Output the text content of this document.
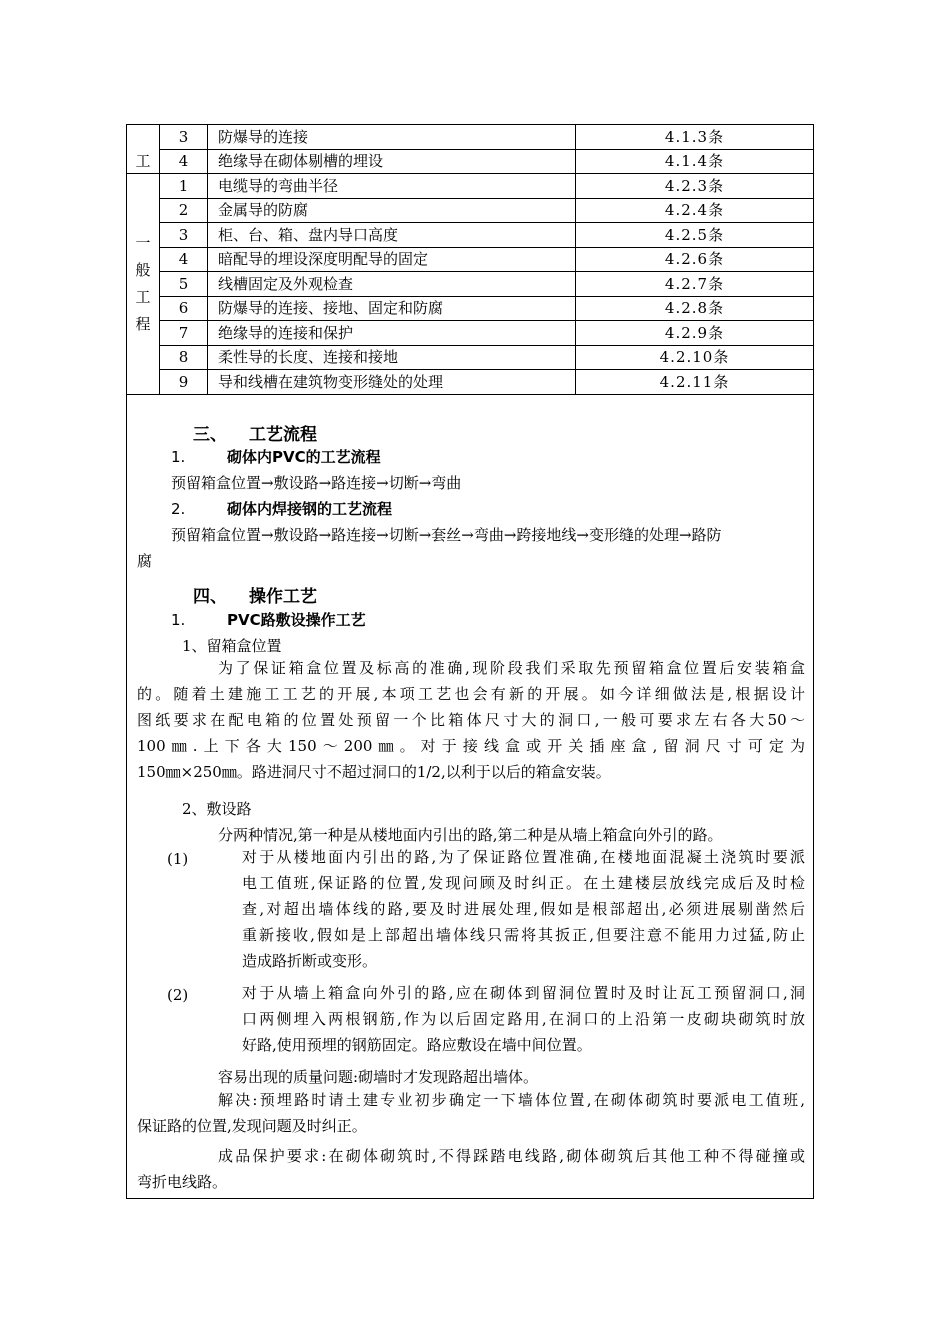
工	3	防爆导的连接	4.1.3条
	4	绝缘导在砌体剔槽的埋设	4.1.4条

一
般
工
程	1	电缆导的弯曲半径	4.2.3条
	2	金属导的防腐	4.2.4条
	3	柜、台、箱、盘内导口高度	4.2.5条
	4	暗配导的埋设深度明配导的固定	4.2.6条
	5	线槽固定及外观检查	4.2.7条
	6	防爆导的连接、接地、固定和防腐	4.2.8条
	7	绝缘导的连接和保护	4.2.9条
	8	柔性导的长度、连接和接地	4.2.10条
	9	导和线槽在建筑物变形缝处的处理	4.2.11条
三、 工艺流程
1.	砌体内PVC的工艺流程
预留箱盒位置→敷设路→路连接→切断→弯曲
2.	砌体内焊接钢的工艺流程
预留箱盒位置→敷设路→路连接→切断→套丝→弯曲→跨接地线→变形缝的处理→路防
腐
四、 操作工艺
1.	PVC路敷设操作工艺
1、留箱盒位置
为了保证箱盒位置及标高的准确,现阶段我们采取先预留箱盒位置后安装箱盒
的。随着土建施工工艺的开展,本项工艺也会有新的开展。如今详细做法是,根据设计
图纸要求在配电箱的位置处预留一个比箱体尺寸大的洞口,一般可要求左右各大50～
100㎜.上下各大150～200㎜。对于接线盒或开关插座盒,留洞尺寸可定为
150㎜×250㎜。路进洞尺寸不超过洞口的1/2,以利于以后的箱盒安装。
2、敷设路
分两种情况,第一种是从楼地面内引出的路,第二种是从墙上箱盒向外引的路。
(1)	对于从楼地面内引出的路,为了保证路位置准确,在楼地面混凝土浇筑时要派
电工值班,保证路的位置,发现问顾及时纠正。在土建楼层放线完成后及时检
查,对超出墙体线的路,要及时进展处理,假如是根部超出,必须进展剔凿然后
重新接收,假如是上部超出墙体线只需将其扳正,但要注意不能用力过猛,防止
造成路折断或变形。
(2)	对于从墙上箱盒向外引的路,应在砌体到留洞位置时及时让瓦工预留洞口,洞
口两侧埋入两根钢筋,作为以后固定路用,在洞口的上沿第一皮砌块砌筑时放
好路,使用预埋的钢筋固定。路应敷设在墙中间位置。
容易出现的质量问题:砌墙时才发现路超出墙体。
解决:预埋路时请土建专业初步确定一下墙体位置,在砌体砌筑时要派电工值班,
保证路的位置,发现问题及时纠正。
成品保护要求:在砌体砌筑时,不得踩踏电线路,砌体砌筑后其他工种不得碰撞或
弯折电线路。
